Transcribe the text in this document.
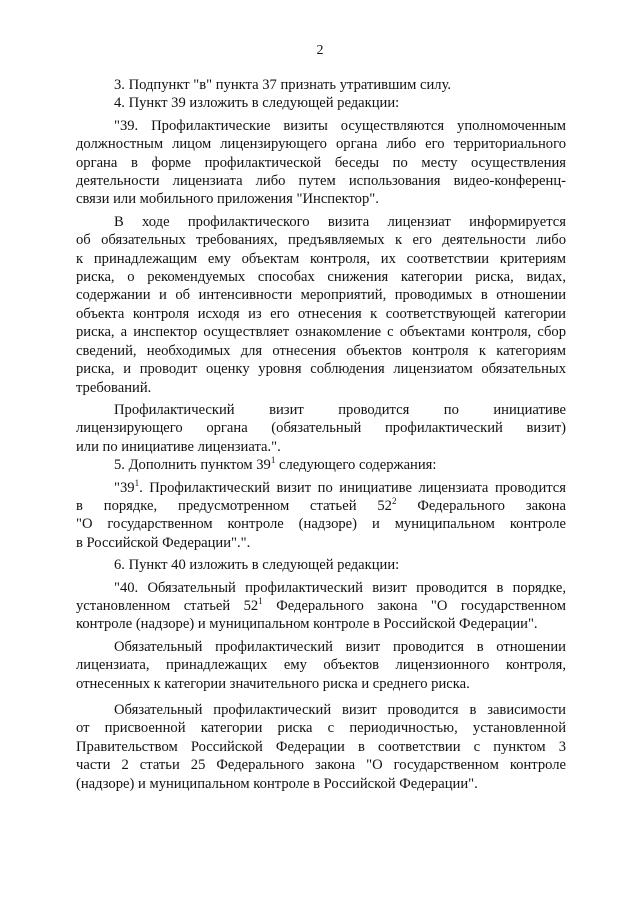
2

3. Подпункт "в" пункта 37 признать утратившим силу.

4. Пункт 39 изложить в следующей редакции:

"39. Профилактические визиты осуществляются уполномоченным
должностным лицом лицензирующего органа либо его территориального
органа в форме профилактической беседы по месту осуществления
деятельности лицензиата либо путем использования видео-конференц-
связи или мобильного приложения "Инспектор".

В ходе профилактического визита лицензиат информируется
об обязательных требованиях, предъявляемых к его деятельности либо
к принадлежащим ему объектам контроля, их соответствии критериям
риска, о рекомендуемых способах снижения категории риска, видах,
содержании и об интенсивности мероприятий, проводимых в отношении
объекта контроля исходя из его отнесения к соответствующей категории
риска, а инспектор осуществляет ознакомление с объектами контроля, сбор
сведений, необходимых для отнесения объектов контроля к категориям
риска, и проводит оценку уровня соблюдения лицензиатом обязательных
требований.

Профилактический визит проводится по инициативе
лицензирующего органа (обязательный профилактический визит)
или по инициативе лицензиата.".

5. Дополнить пунктом $39^1$ следующего содержания:

"$39^1$. Профилактический визит по инициативе лицензиата проводится
в порядке, предусмотренном статьей $52^2$ Федерального закона
"О государственном контроле (надзоре) и муниципальном контроле
в Российской Федерации".".

6. Пункт 40 изложить в следующей редакции:

"40. Обязательный профилактический визит проводится в порядке,
установленном статьей $52^1$ Федерального закона "О государственном
контроле (надзоре) и муниципальном контроле в Российской Федерации".

Обязательный профилактический визит проводится в отношении
лицензиата, принадлежащих ему объектов лицензионного контроля,
отнесенных к категории значительного риска и среднего риска.

Обязательный профилактический визит проводится в зависимости
от присвоенной категории риска с периодичностью, установленной
Правительством Российской Федерации в соответствии с пунктом 3
части 2 статьи 25 Федерального закона "О государственном контроле
(надзоре) и муниципальном контроле в Российской Федерации".
